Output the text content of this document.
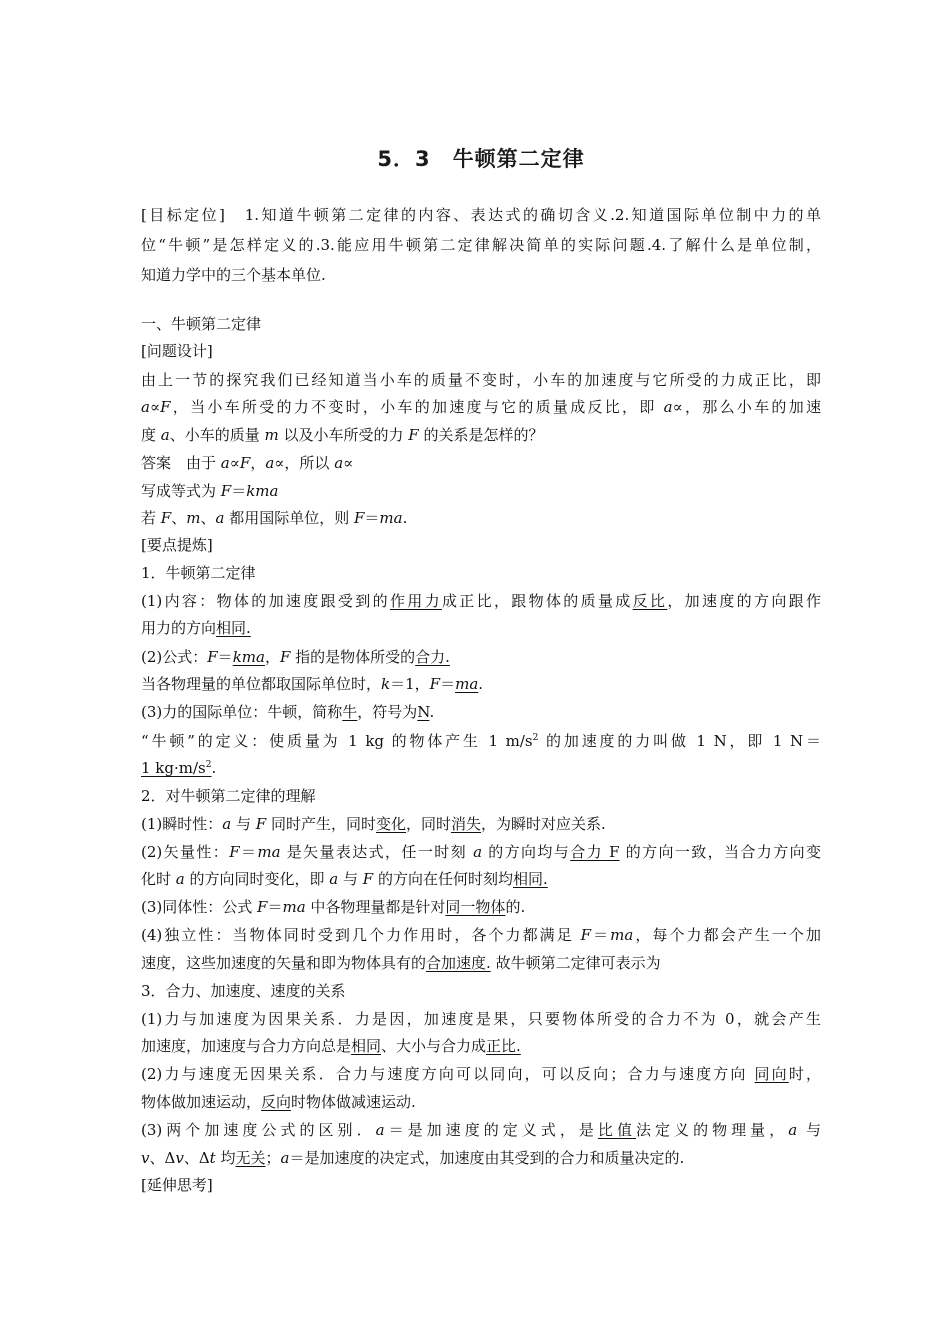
5．3　牛顿第二定律
[目标定位]　1.知道牛顿第二定律的内容、表达式的确切含义.2.知道国际单位制中力的单
位“牛顿”是怎样定义的.3.能应用牛顿第二定律解决简单的实际问题.4.了解什么是单位制，
知道力学中的三个基本单位.
一、牛顿第二定律
[问题设计]
由上一节的探究我们已经知道当小车的质量不变时，小车的加速度与它所受的力成正比，即
a∝F，当小车所受的力不变时，小车的加速度与它的质量成反比，即 a∝，那么小车的加速
度 a、小车的质量 m 以及小车所受的力 F 的关系是怎样的？
答案　由于 a∝F，a∝，所以 a∝
写成等式为 F＝kma
若 F、m、a 都用国际单位，则 F＝ma.
[要点提炼]
1．牛顿第二定律
(1)内容：物体的加速度跟受到的作用力成正比，跟物体的质量成反比，加速度的方向跟作
用力的方向相同.
(2)公式：F＝kma，F 指的是物体所受的合力.
当各物理量的单位都取国际单位时，k＝1，F＝ma.
(3)力的国际单位：牛顿，简称牛，符号为N.
“牛顿”的定义：使质量为 1 kg 的物体产生 1 $m/s^2$ 的加速度的力叫做 1 N，即 1 N＝
1 $kg\cdot m/s^2$.
2．对牛顿第二定律的理解
(1)瞬时性：a 与 F 同时产生，同时变化，同时消失，为瞬时对应关系.
(2)矢量性：F＝ma 是矢量表达式，任一时刻 a 的方向均与合力 F 的方向一致，当合力方向变
化时 a 的方向同时变化，即 a 与 F 的方向在任何时刻均相同.
(3)同体性：公式 F＝ma 中各物理量都是针对同一物体的.
(4)独立性：当物体同时受到几个力作用时，各个力都满足 F＝ma，每个力都会产生一个加
速度，这些加速度的矢量和即为物体具有的合加速度. 故牛顿第二定律可表示为
3．合力、加速度、速度的关系
(1)力与加速度为因果关系．力是因，加速度是果，只要物体所受的合力不为 0，就会产生
加速度，加速度与合力方向总是相同、大小与合力成正比.
(2)力与速度无因果关系．合力与速度方向可以同向，可以反向；合力与速度方向 同向时，
物体做加速运动，反向时物体做减速运动.
(3)两个加速度公式的区别．a＝是加速度的定义式，是比值法定义的物理量，a 与
v、Δv、Δt 均无关；a＝是加速度的决定式，加速度由其受到的合力和质量决定的.
[延伸思考]
